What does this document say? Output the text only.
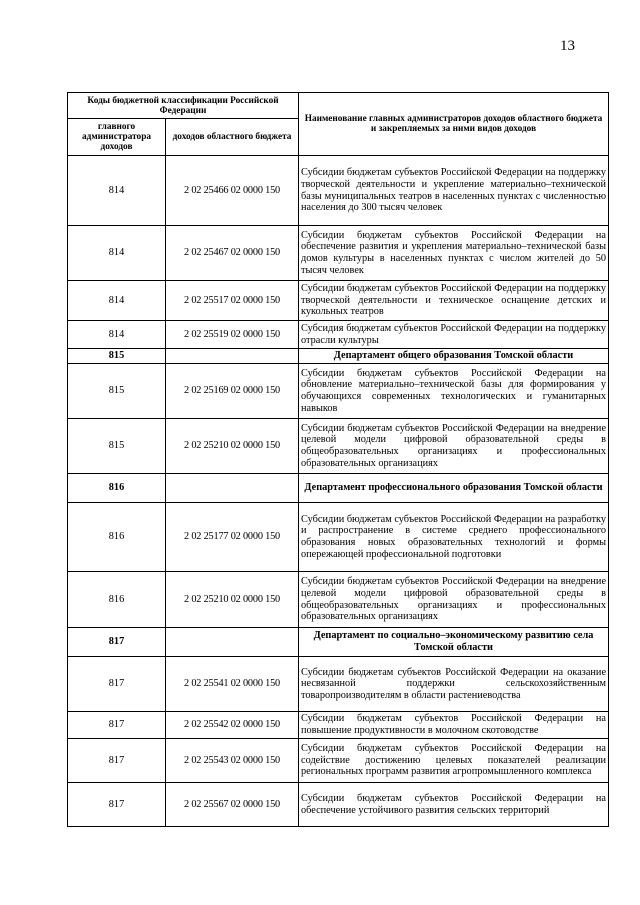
13
Коды бюджетной классификации Российской Федерации		Наименование главных администраторов доходов областного бюджета и закрепляемых за ними видов доходов
главного администратора доходов	доходов областного бюджета	
814	2 02 25466 02 0000 150	Субсидии бюджетам субъектов Российской Федерации на поддержку творческой деятельности и укрепление материально–технической базы муниципальных театров в населенных пунктах с численностью населения до 300 тысяч человек
814	2 02 25467 02 0000 150	Субсидии бюджетам субъектов Российской Федерации на обеспечение развития и укрепления материально–технической базы домов культуры в населенных пунктах с числом жителей до 50 тысяч человек
814	2 02 25517 02 0000 150	Субсидии бюджетам субъектов Российской Федерации на поддержку творческой деятельности и техническое оснащение детских и кукольных театров
814	2 02 25519 02 0000 150	Субсидия бюджетам субъектов Российской Федерации на поддержку отрасли культуры
815		Департамент общего образования Томской области
815	2 02 25169 02 0000 150	Субсидии бюджетам субъектов Российской Федерации на обновление материально–технической базы для формирования у обучающихся современных технологических и гуманитарных навыков
815	2 02 25210 02 0000 150	Субсидии бюджетам субъектов Российской Федерации на внедрение целевой модели цифровой образовательной среды в общеобразовательных организациях и профессиональных образовательных организациях
816		Департамент профессионального образования Томской области
816	2 02 25177 02 0000 150	Субсидии бюджетам субъектов Российской Федерации на разработку и распространение в системе среднего профессионального образования новых образовательных технологий и формы опережающей профессиональной подготовки
816	2 02 25210 02 0000 150	Субсидии бюджетам субъектов Российской Федерации на внедрение целевой модели цифровой образовательной среды в общеобразовательных организациях и профессиональных образовательных организациях
817		Департамент по социально–экономическому развитию села Томской области
817	2 02 25541 02 0000 150	Субсидии бюджетам субъектов Российской Федерации на оказание несвязанной поддержки сельскохозяйственным товаропроизводителям в области растениеводства
817	2 02 25542 02 0000 150	Субсидии бюджетам субъектов Российской Федерации на повышение продуктивности в молочном скотоводстве
817	2 02 25543 02 0000 150	Субсидии бюджетам субъектов Российской Федерации на содействие достижению целевых показателей реализации региональных программ развития агропромышленного комплекса
817	2 02 25567 02 0000 150	Субсидии бюджетам субъектов Российской Федерации на обеспечение устойчивого развития сельских территорий
